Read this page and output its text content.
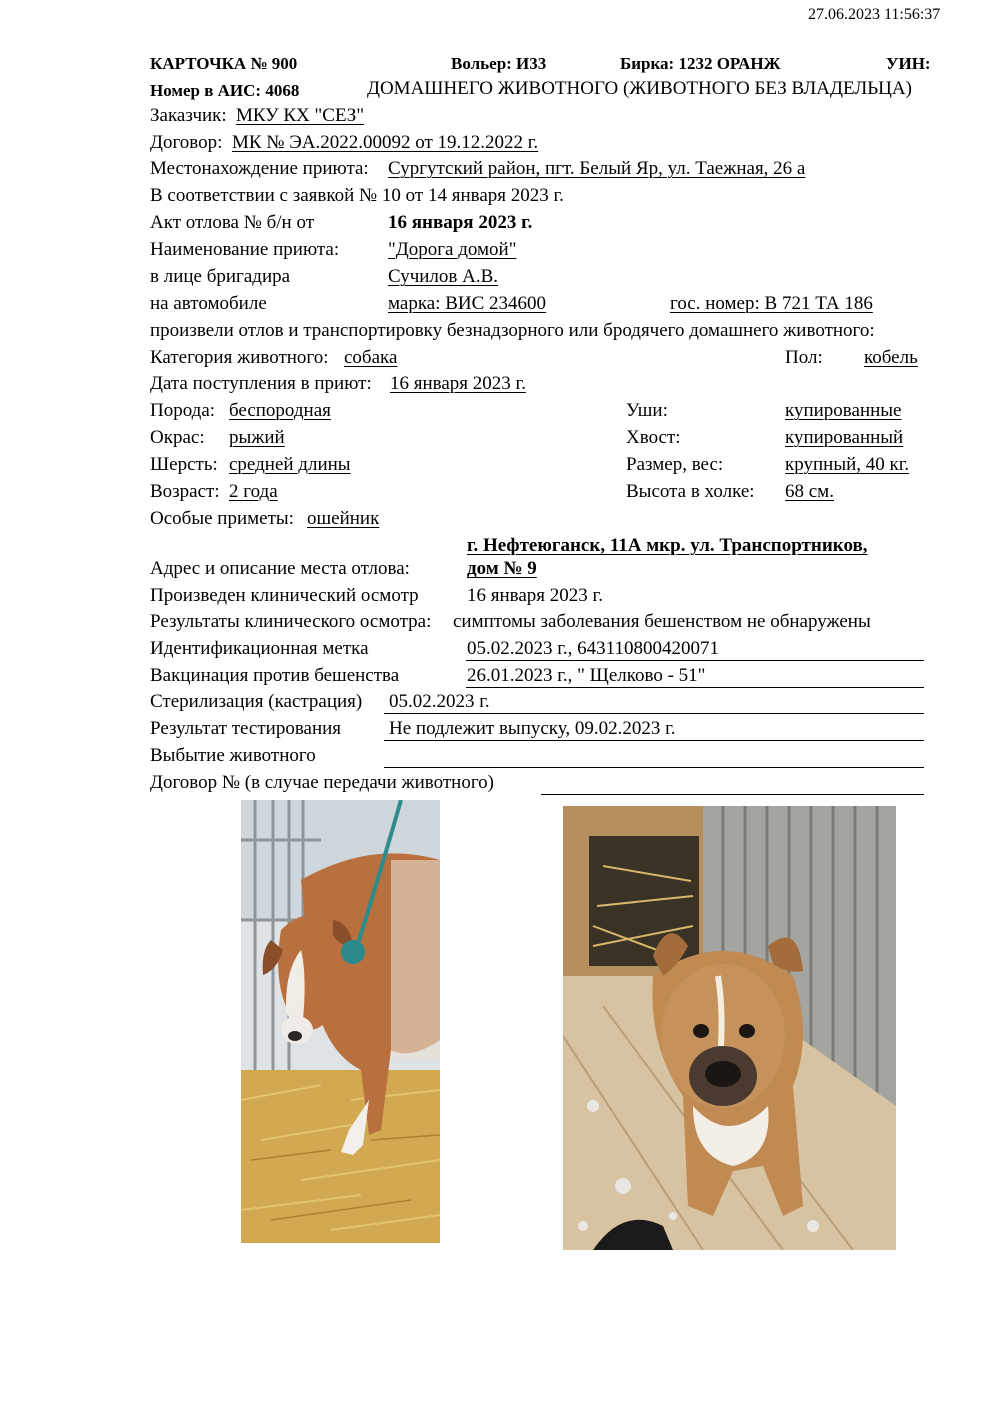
27.06.2023 11:56:37
КАРТОЧКА № 900	Вольер: И33	Бирка: 1232 ОРАНЖ	УИН:
Номер в АИС: 4068	ДОМАШНЕГО ЖИВОТНОГО (ЖИВОТНОГО БЕЗ ВЛАДЕЛЬЦА)
Заказчик: МКУ КХ "СЕЗ"
Договор: МК № ЭА.2022.00092 от 19.12.2022 г.
Местонахождение приюта: Сургутский район, пгт. Белый Яр, ул. Таежная, 26 а
В соответствии с заявкой № 10 от 14 января 2023 г.
Акт отлова № б/н от	16 января 2023 г.
Наименование приюта:	"Дорога домой"
в лице бригадира	Сучилов А.В.
на автомобиле	марка: ВИС 234600	гос. номер: В 721 ТА 186
произвели отлов и транспортировку безнадзорного или бродячего домашнего животного:
Категория животного: собака	Пол: кобель
Дата поступления в приют: 16 января 2023 г.
Порода: беспородная	Уши:	купированные
Окрас: рыжий	Хвост:	купированный
Шерсть: средней длины	Размер, вес:	крупный, 40 кг.
Возраст: 2 года	Высота в холке: 68 см.
Особые приметы: ошейник
г. Нефтеюганск, 11А мкр. ул. Транспортников,
Адрес и описание места отлова:	дом № 9
Произведен клинический осмотр	16 января 2023 г.
Результаты клинического осмотра: симптомы заболевания бешенством не обнаружены
Идентификационная метка	05.02.2023 г., 643110800420071
Вакцинация против бешенства	26.01.2023 г., " Щелково - 51"
Стерилизация (кастрация) 05.02.2023 г.
Результат тестирования	Не подлежит выпуску, 09.02.2023 г.
Выбытие животного
Договор № (в случае передачи животного)
